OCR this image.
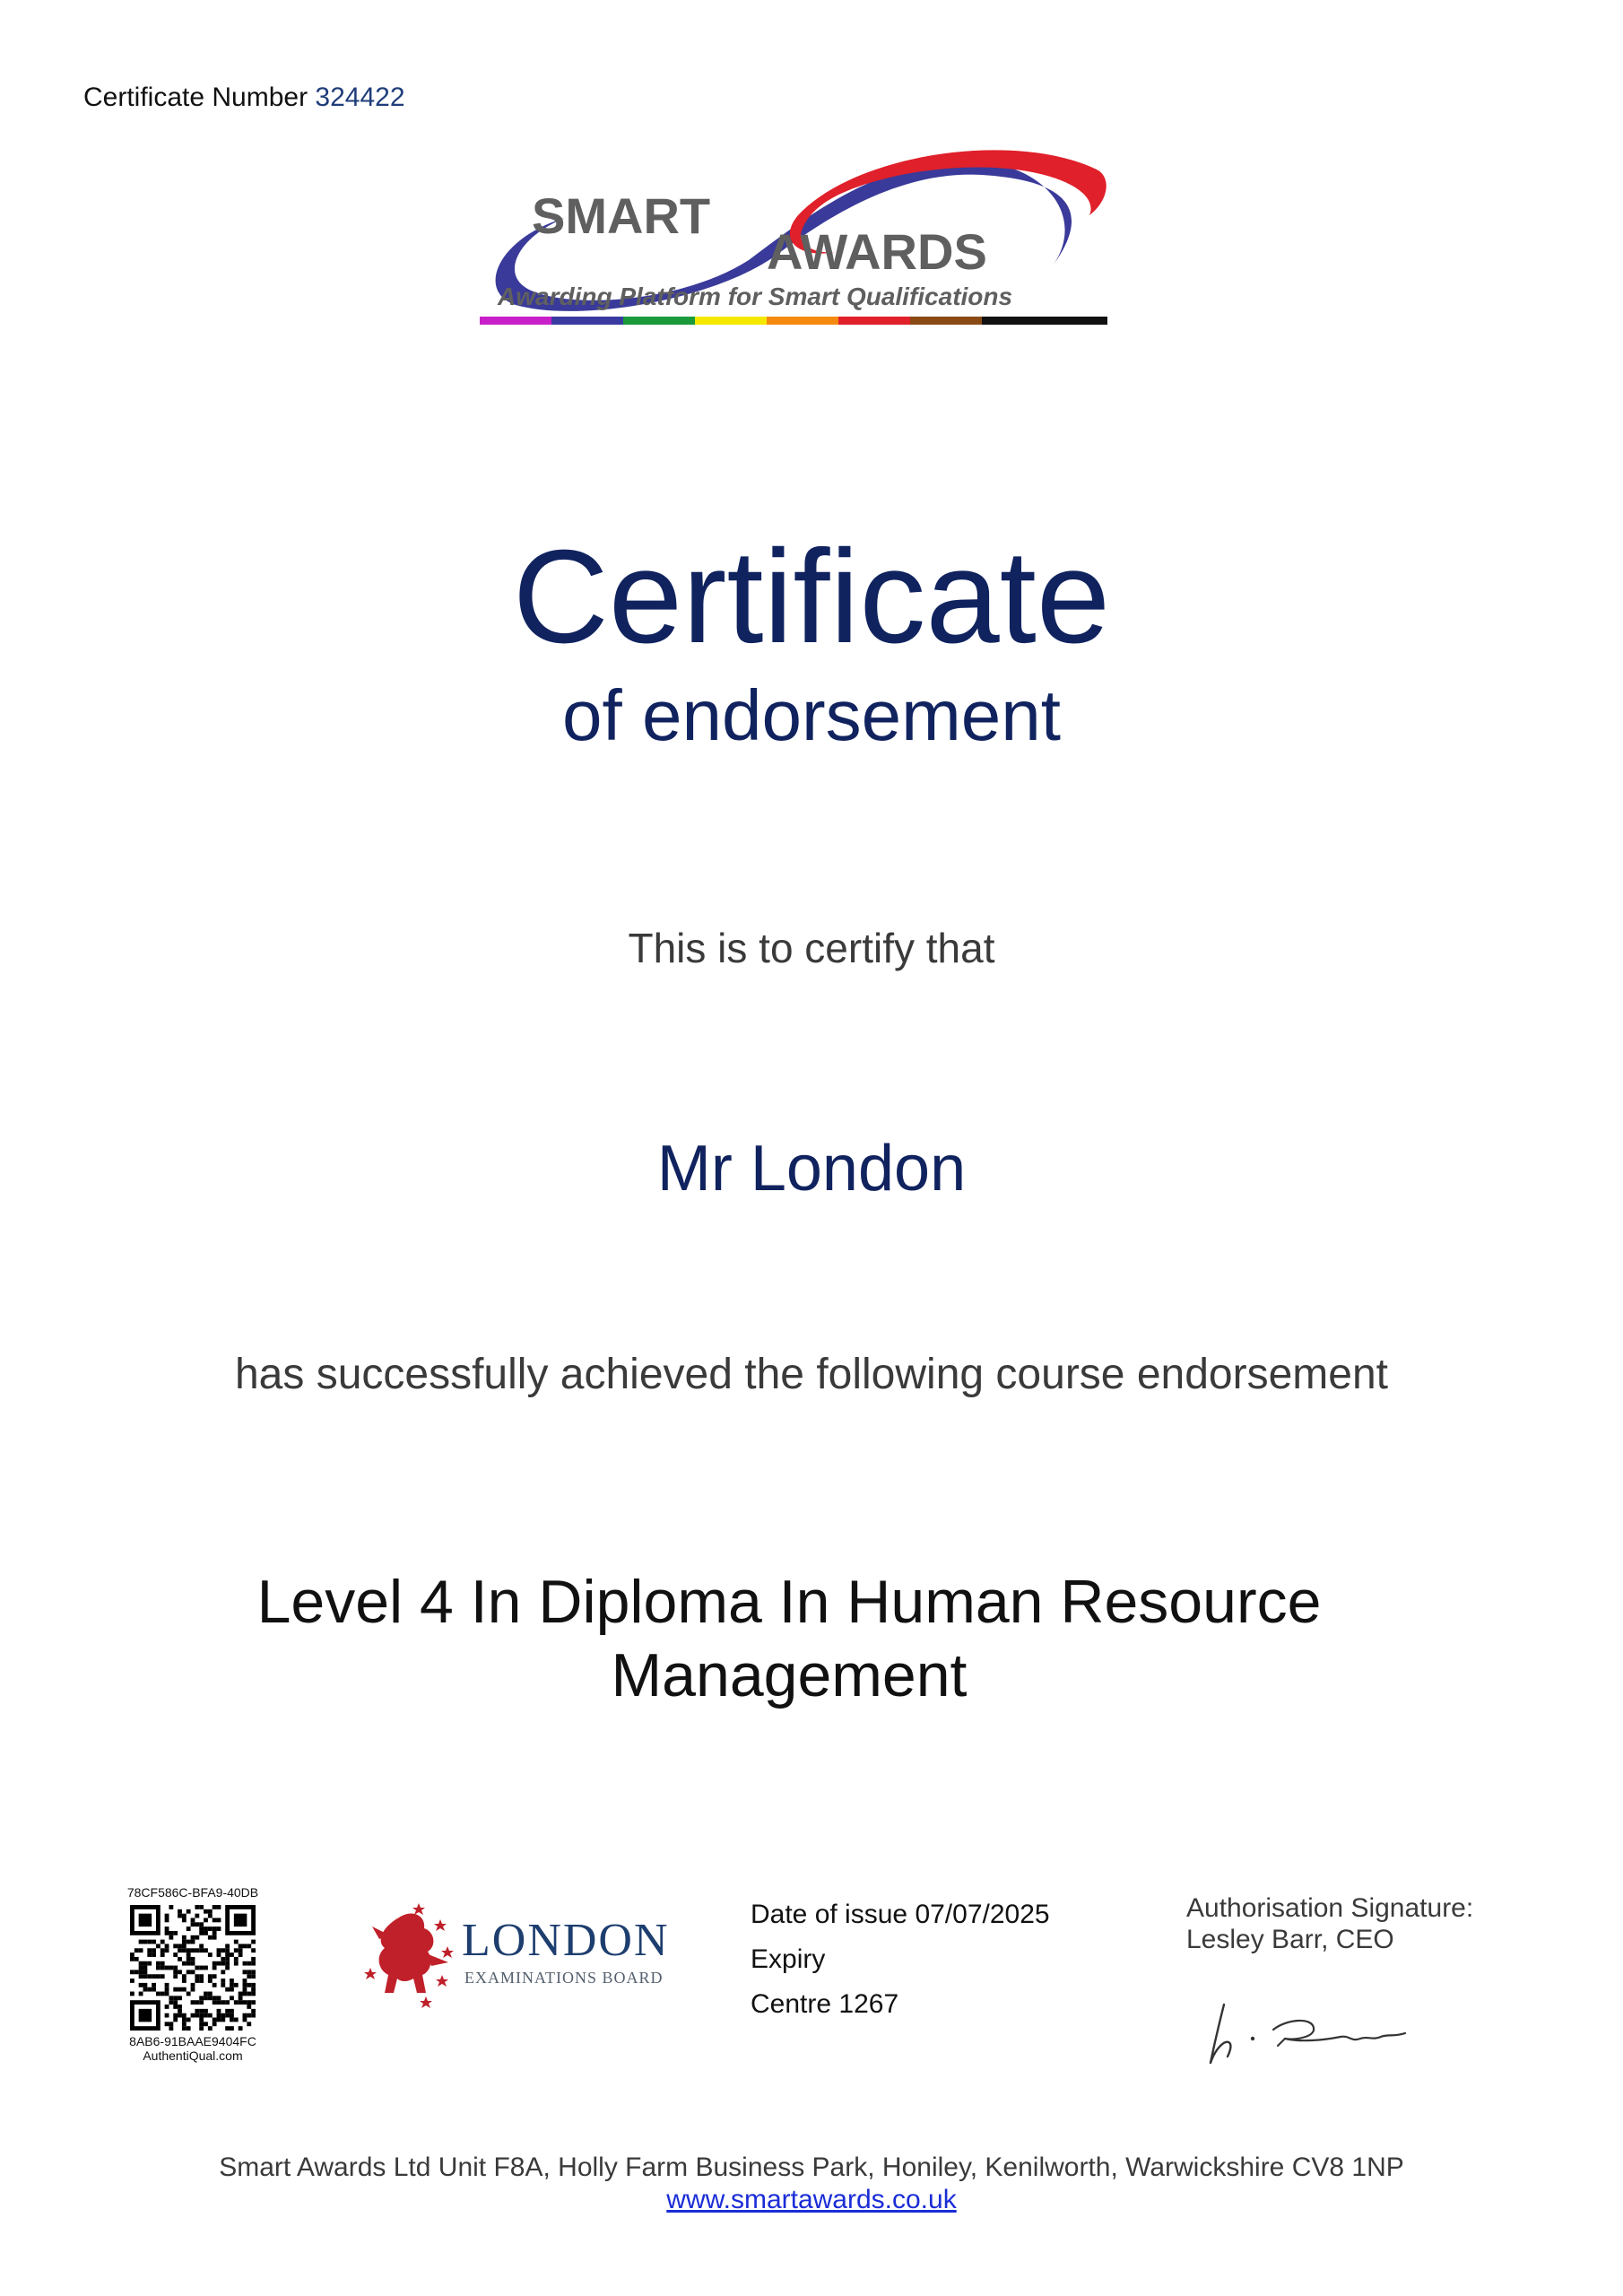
Certificate Number 324422
SMART
AWARDS
Awarding Platform for Smart Qualifications
Certificate
of endorsement
This is to certify that
Mr London
has successfully achieved the following course endorsement
Level 4 In Diploma In Human Resource
Management
78CF586C-BFA9-40DB
8AB6-91BAAE9404FC
AuthentiQual.com
LONDON
EXAMINATIONS BOARD
Date of issue 07/07/2025
Expiry
Centre 1267
Authorisation Signature:
Lesley Barr, CEO
Smart Awards Ltd Unit F8A, Holly Farm Business Park, Honiley, Kenilworth, Warwickshire CV8 1NP
www.smartawards.co.uk
